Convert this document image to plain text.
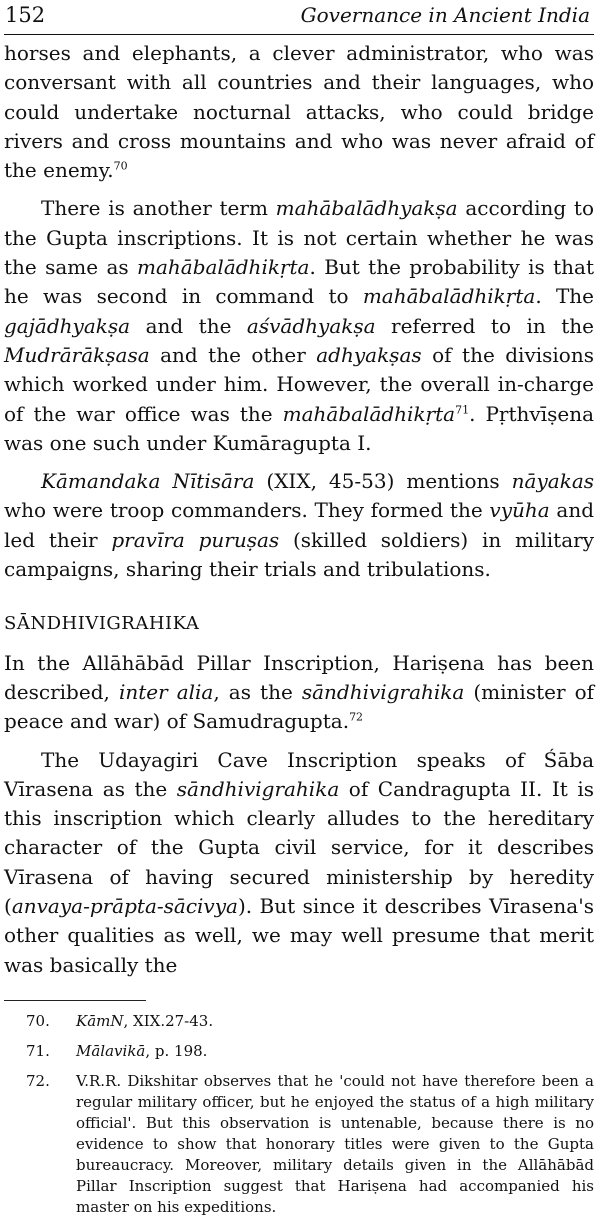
152	Governance in Ancient India

horses and elephants, a clever administrator, who was conversant with all countries and their languages, who could undertake nocturnal attacks, who could bridge rivers and cross mountains and who was never afraid of the enemy.$^{70}$

There is another term mahābalādhyakṣa according to the Gupta inscriptions. It is not certain whether he was the same as mahābalādhikṛta. But the probability is that he was second in command to mahābalādhikṛta. The gajādhyakṣa and the aśvādhyakṣa referred to in the Mudrārākṣasa and the other adhyakṣas of the divisions which worked under him. However, the overall in-charge of the war office was the mahābalādhikṛta$^{71}$. Pṛthvīṣena was one such under Kumāragupta I.

Kāmandaka Nītisāra (XIX, 45-53) mentions nāyakas who were troop commanders. They formed the vyūha and led their pravīra puruṣas (skilled soldiers) in military campaigns, sharing their trials and tribulations.

SĀNDHIVIGRAHIKA

In the Allāhābād Pillar Inscription, Hariṣena has been described, inter alia, as the sāndhivigrahika (minister of peace and war) of Samudragupta.$^{72}$

The Udayagiri Cave Inscription speaks of Śāba Vīrasena as the sāndhivigrahika of Candragupta II. It is this inscription which clearly alludes to the hereditary character of the Gupta civil service, for it describes Vīrasena of having secured ministership by heredity (anvaya-prāpta-sācivya). But since it describes Vīrasena's other qualities as well, we may well presume that merit was basically the

70.	KāmN, XIX.27-43.
71.	Mālavikā, p. 198.
72.	V.R.R. Dikshitar observes that he 'could not have therefore been a regular military officer, but he enjoyed the status of a high military official'. But this observation is untenable, because there is no evidence to show that honorary titles were given to the Gupta bureaucracy. Moreover, military details given in the Allāhābād Pillar Inscription suggest that Hariṣena had accompanied his master on his expeditions.
